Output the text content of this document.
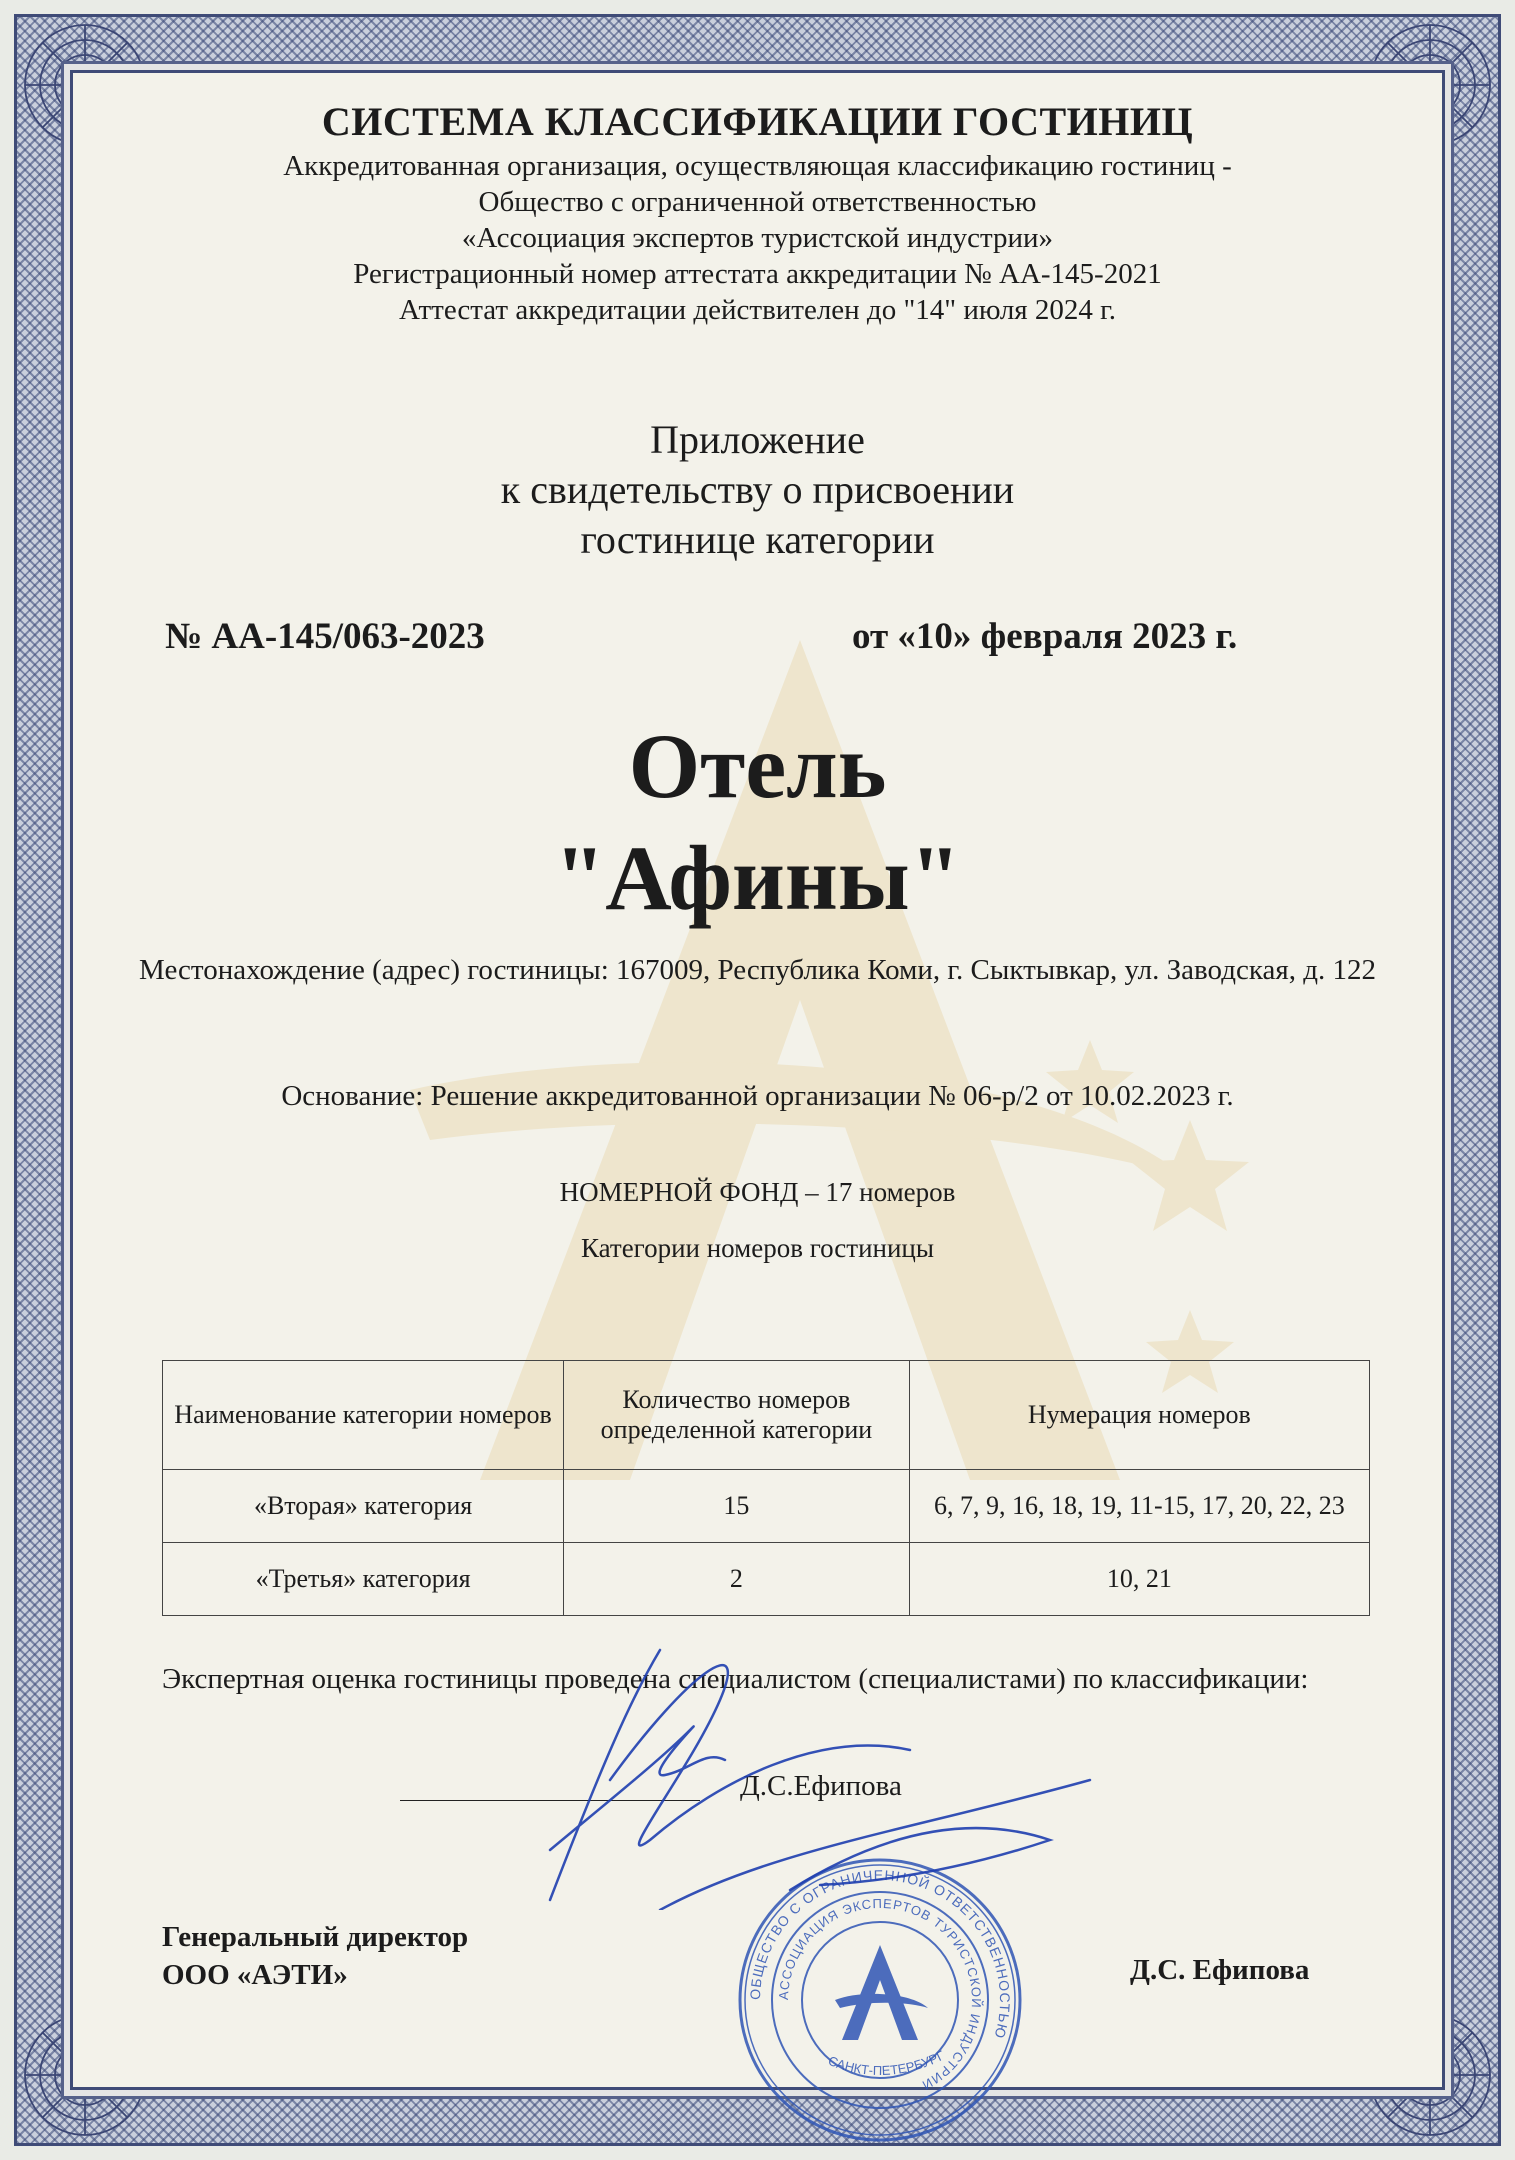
СИСТЕМА КЛАССИФИКАЦИИ ГОСТИНИЦ
Аккредитованная организация, осуществляющая классификацию гостиниц -
Общество с ограниченной ответственностью
«Ассоциация экспертов туристской индустрии»
Регистрационный номер аттестата аккредитации № АА-145-2021
Аттестат аккредитации действителен до "14" июля 2024 г.
Приложение
к свидетельству о присвоении
гостинице категории
№ АА-145/063-2023	от «10» февраля 2023 г.
Отель
"Афины"
Местонахождение (адрес) гостиницы: 167009, Республика Коми, г. Сыктывкар, ул. Заводская, д. 122
Основание: Решение аккредитованной организации № 06-р/2 от 10.02.2023 г.
НОМЕРНОЙ ФОНД – 17 номеров
Категории номеров гостиницы
Наименование категории номеров	Количество номеров определенной категории	Нумерация номеров
«Вторая» категория	15	6, 7, 9, 16, 18, 19, 11-15, 17, 20, 22, 23
«Третья» категория	2	10, 21
Экспертная оценка гостиницы проведена специалистом (специалистами) по классификации:
Д.С.Ефипова
Генеральный директор
ООО «АЭТИ»	Д.С. Ефипова
ОБЩЕСТВО С ОГРАНИЧЕННОЙ ОТВЕТСТВЕННОСТЬЮ
АССОЦИАЦИЯ ЭКСПЕРТОВ ТУРИСТСКОЙ ИНДУСТРИИ
САНКТ-ПЕТЕРБУРГ
